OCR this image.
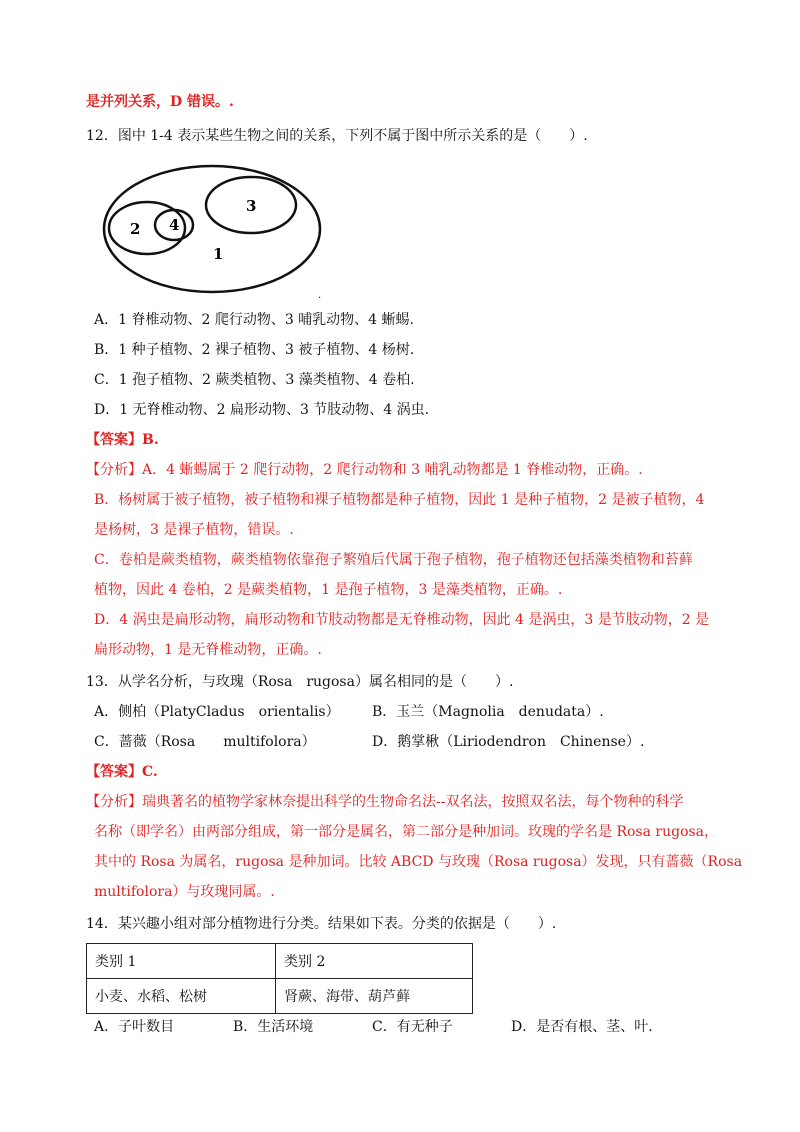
是并列关系，D 错误。.
12．图中 1-4 表示某些生物之间的关系，下列不属于图中所示关系的是（　　）.
2 4
3
1
.
A．1 脊椎动物、2 爬行动物、3 哺乳动物、4 蜥蜴.
B．1 种子植物、2 裸子植物、3 被子植物、4 杨树.
C．1 孢子植物、2 蕨类植物、3 藻类植物、4 卷柏.
D．1 无脊椎动物、2 扁形动物、3 节肢动物、4 涡虫.
【答案】B.
【分析】A．4 蜥蜴属于 2 爬行动物，2 爬行动物和 3 哺乳动物都是 1 脊椎动物，正确。.
B．杨树属于被子植物，被子植物和裸子植物都是种子植物，因此 1 是种子植物，2 是被子植物，4
是杨树，3 是裸子植物，错误。.
C．卷柏是蕨类植物，蕨类植物依靠孢子繁殖后代属于孢子植物，孢子植物还包括藻类植物和苔藓
植物，因此 4 卷柏，2 是蕨类植物，1 是孢子植物，3 是藻类植物，正确。.
D．4 涡虫是扁形动物，扁形动物和节肢动物都是无脊椎动物，因此 4 是涡虫，3 是节肢动物，2 是
扁形动物，1 是无脊椎动物，正确。.
13．从学名分析，与玫瑰（Rosa　rugosa）属名相同的是（　　）.
A．侧柏（PlatyCladus　orientalis） B．玉兰（Magnolia　denudata）.
C．蔷薇（Rosa　　multifolora）	D．鹅掌楸（Liriodendron　Chinense）.
【答案】C.
【分析】瑞典著名的植物学家林奈提出科学的生物命名法--双名法，按照双名法，每个物种的科学
名称（即学名）由两部分组成，第一部分是属名，第二部分是种加词。玫瑰的学名是 Rosa rugosa，
其中的 Rosa 为属名，rugosa 是种加词。比较 ABCD 与玫瑰（Rosa rugosa）发现，只有蔷薇（Rosa
multifolora）与玫瑰同属。.
14．某兴趣小组对部分植物进行分类。结果如下表。分类的依据是（　　）.
类别 1	类别 2
小麦、水稻、松树	肾蕨、海带、葫芦藓
A．子叶数目	B．生活环境	C．有无种子	D．是否有根、茎、叶.
